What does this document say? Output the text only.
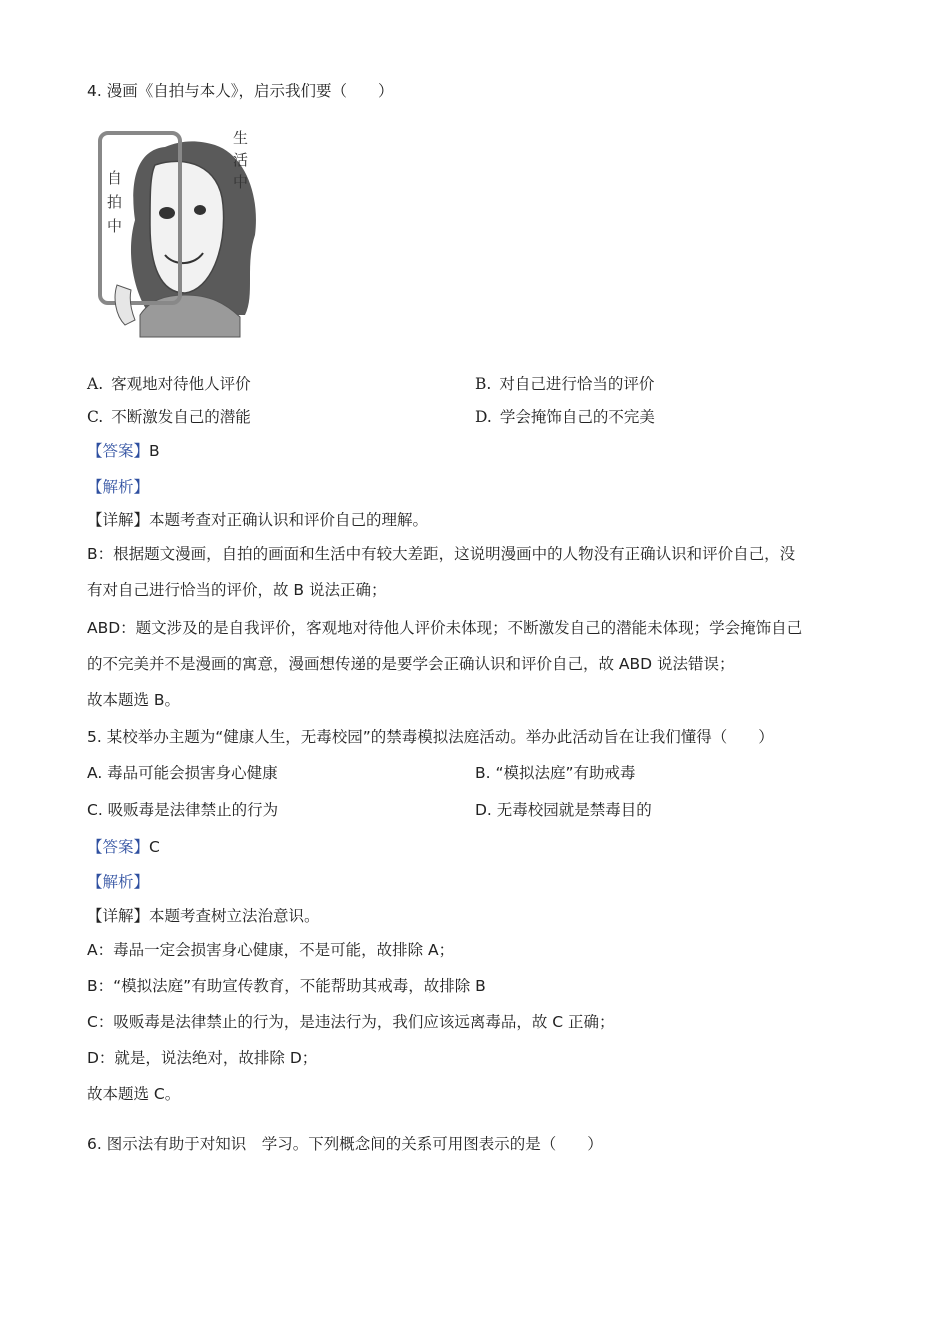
4. 漫画《自拍与本人》，启示我们要（　　）
自
拍
中
生
活
中
A. 客观地对待他人评价	B. 对自己进行恰当的评价
C. 不断激发自己的潜能	D. 学会掩饰自己的不完美
【答案】B
【解析】
【详解】本题考查对正确认识和评价自己的理解。
B：根据题文漫画，自拍的画面和生活中有较大差距，这说明漫画中的人物没有正确认识和评价自己，没
有对自己进行恰当的评价，故 B 说法正确；
ABD：题文涉及的是自我评价，客观地对待他人评价未体现；不断激发自己的潜能未体现；学会掩饰自己
的不完美并不是漫画的寓意，漫画想传递的是要学会正确认识和评价自己，故 ABD 说法错误；
故本题选 B。
5. 某校举办主题为“健康人生，无毒校园”的禁毒模拟法庭活动。举办此活动旨在让我们懂得（　　）
A. 毒品可能会损害身心健康	B. “模拟法庭”有助戒毒
C. 吸贩毒是法律禁止的行为	D. 无毒校园就是禁毒目的
【答案】C
【解析】
【详解】本题考查树立法治意识。
A：毒品一定会损害身心健康，不是可能，故排除 A；
B：“模拟法庭”有助宣传教育，不能帮助其戒毒，故排除 B
C：吸贩毒是法律禁止的行为，是违法行为，我们应该远离毒品，故 C 正确；
D：就是，说法绝对，故排除 D；
故本题选 C。
6. 图示法有助于对知识　学习。下列概念间的关系可用图表示的是（　　）
